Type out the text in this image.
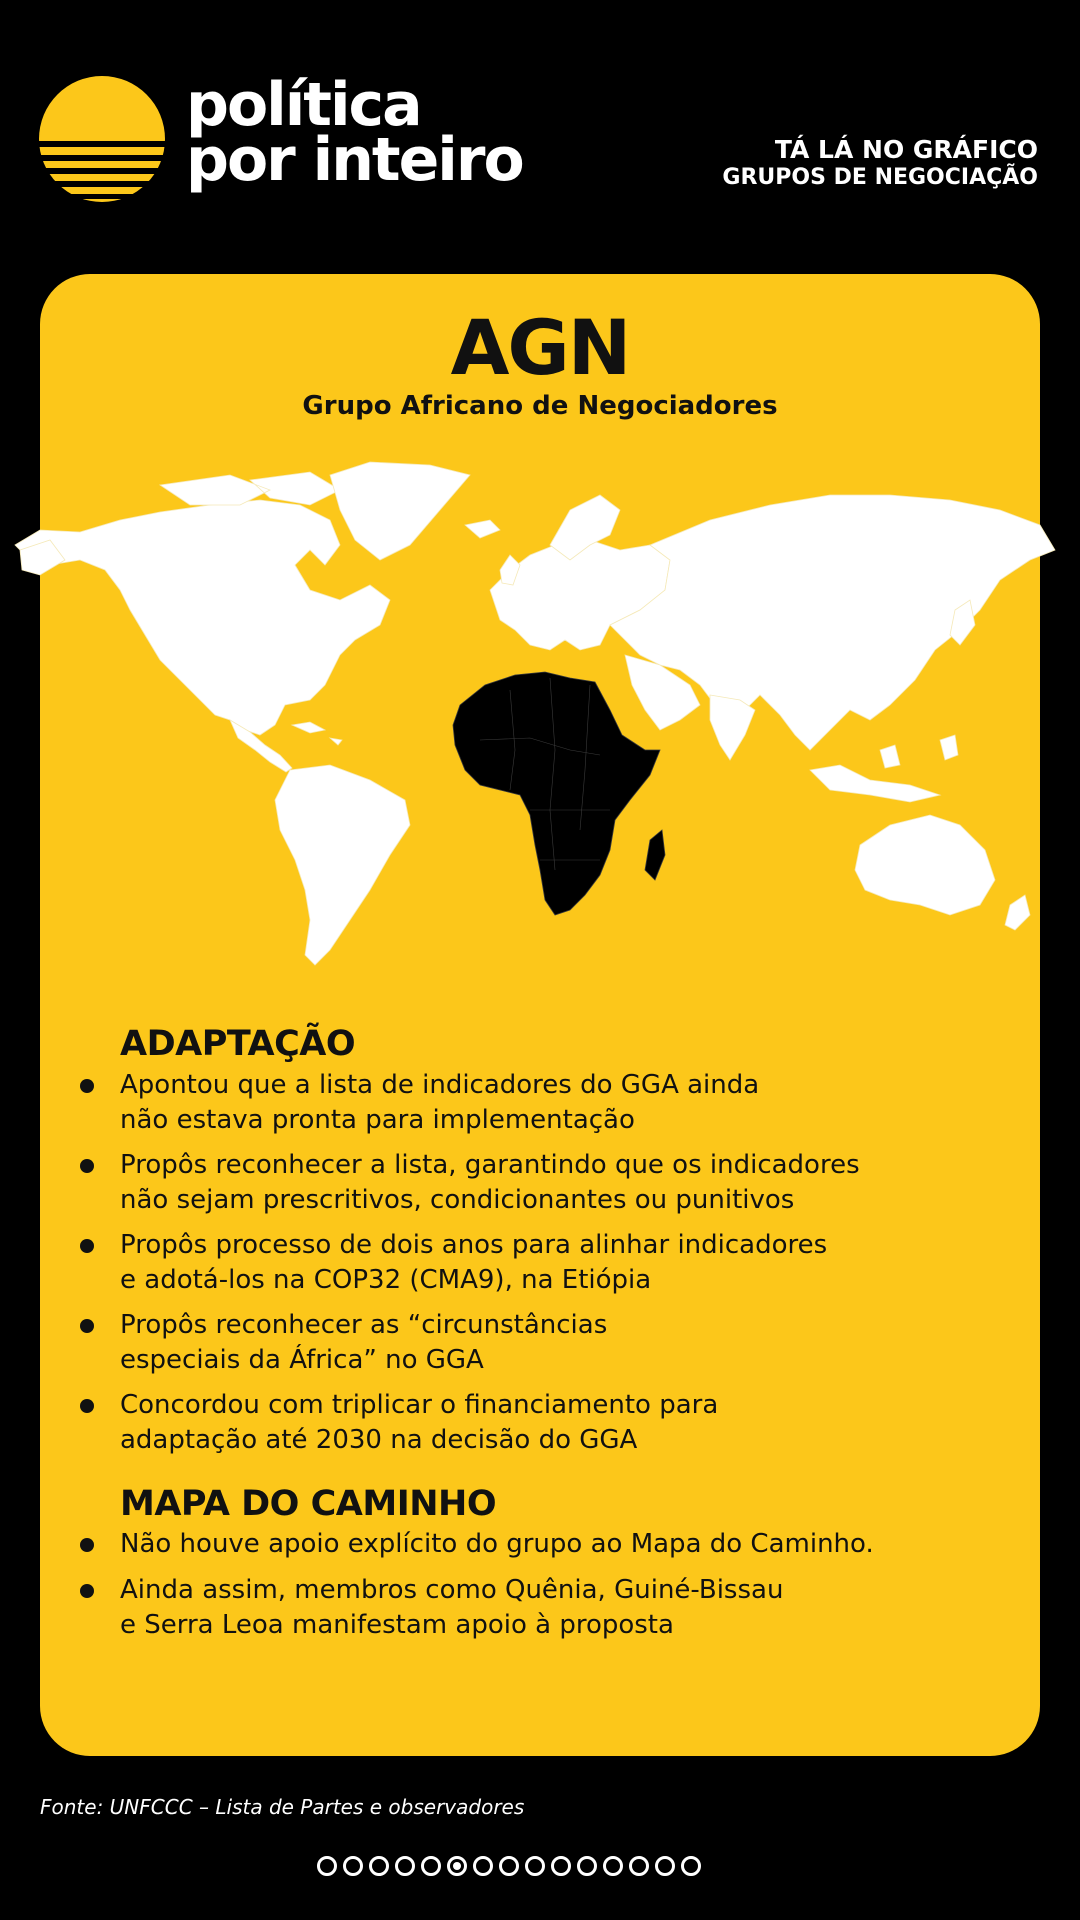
política
por inteiro	TÁ LÁ NO GRÁFICO
GRUPOS DE NEGOCIAÇÃO
AGN
Grupo Africano de Negociadores
ADAPTAÇÃO
Apontou que a lista de indicadores do GGA ainda
não estava pronta para implementação
Propôs reconhecer a lista, garantindo que os indicadores
não sejam prescritivos, condicionantes ou punitivos
Propôs processo de dois anos para alinhar indicadores
e adotá-los na COP32 (CMA9), na Etiópia
Propôs reconhecer as “circunstâncias
especiais da África” no GGA
Concordou com triplicar o financiamento para
adaptação até 2030 na decisão do GGA
MAPA DO CAMINHO
Não houve apoio explícito do grupo ao Mapa do Caminho.
Ainda assim, membros como Quênia, Guiné-Bissau
e Serra Leoa manifestam apoio à proposta
Fonte: UNFCCC – Lista de Partes e observadores
